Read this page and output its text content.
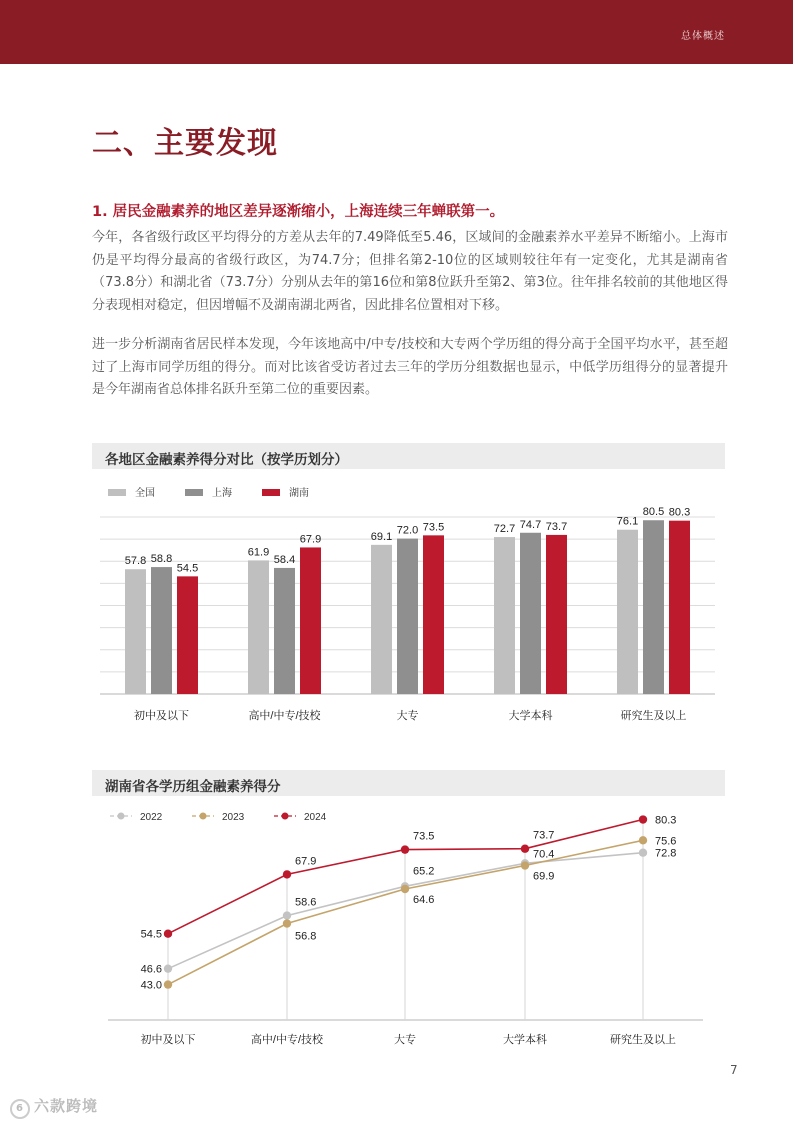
总体概述
二、主要发现
1. 居民金融素养的地区差异逐渐缩小，上海连续三年蝉联第一。

今年，各省级行政区平均得分的方差从去年的7.49降低至5.46，区域间的金融素养水平差异不断缩小。上海市仍是平均得分最高的省级行政区，为74.7分；但排名第2-10位的区域则较往年有一定变化，尤其是湖南省（73.8分）和湖北省（73.7分）分别从去年的第16位和第8位跃升至第2、第3位。往年排名较前的其他地区得分表现相对稳定，但因增幅不及湖南湖北两省，因此排名位置相对下移。

进一步分析湖南省居民样本发现，今年该地高中/中专/技校和大专两个学历组的得分高于全国平均水平，甚至超过了上海市同学历组的得分。而对比该省受访者过去三年的学历分组数据也显示，中低学历组得分的显著提升是今年湖南省总体排名跃升至第二位的重要因素。

各地区金融素养得分对比（按学历划分）
全国	上海	湖南
57.8 58.8
54.5
初中及以下
61.9
58.4
67.9
高中/中专/技校
69.1
72.0 73.5
大专
72.7 74.7 73.7
大学本科
76.1
80.5 80.3
研究生及以上
湖南省各学历组金融素养得分
2022	2023	2024
46.6
58.6
65.2
70.4	72.8
43.0
56.8
64.6
69.9
75.6
54.5
67.9
73.5	73.7
80.3
初中及以下	高中/中专/技校	大专	大学本科	研究生及以上
7
6 六款跨境
